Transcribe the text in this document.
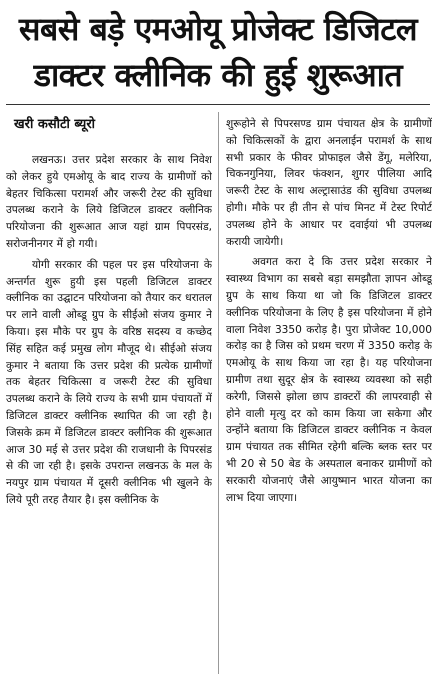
सबसे बड़े एमओयू प्रोजेक्ट डिजिटल
डाक्टर क्लीनिक की हुई शुरूआत
खरी कसौटी ब्यूरो

लखनऊ। उत्तर प्रदेश सरकार के साथ निवेश को लेकर हुये एमओयू के बाद राज्य के ग्रामीणों को बेहतर चिकित्सा परामर्श और जरूरी टेस्ट की सुविधा उपलब्ध कराने के लिये डिजिटल डाक्टर क्लीनिक परियोजना की शुरूआत आज यहां ग्राम पिपरसंड, सरोजनीनगर में हो गयी।

योगी सरकार की पहल पर इस परियोजना के अन्तर्गत शुरू हुयी इस पहली डिजिटल डाक्टर क्लीनिक का उद्घाटन परियोजना को तैयार कर धरातल पर लाने वाली ओब्डू ग्रुप के सीईओ संजय कुमार ने किया। इस मौके पर ग्रुप के वरिष्ठ सदस्य व कच्छेद सिंह सहित कई प्रमुख लोग मौजूद थे। सीईओ संजय कुमार ने बताया कि उत्तर प्रदेश की प्रत्येक ग्रामीणों तक बेहतर चिकित्सा व जरूरी टेस्ट की सुविधा उपलब्ध कराने के लिये राज्य के सभी ग्राम पंचायतों में डिजिटल डाक्टर क्लीनिक स्थापित की जा रही है। जिसके क्रम में डिजिटल डाक्टर क्लीनिक की शुरूआत आज 30 मई से उत्तर प्रदेश की राजधानी के पिपरसंड से की जा रही है। इसके उपरान्त लखनऊ के मल के नयपुर ग्राम पंचायत में दूसरी क्लीनिक भी खुलने के लिये पूरी तरह तैयार है। इस क्लीनिक के

शुरूहोने से पिपरसण्ड ग्राम पंचायत क्षेत्र के ग्रामीणों को चिकित्सकों के द्वारा अनलाईन परामर्श के साथ सभी प्रकार के फीवर प्रोफाइल जैसे डेंगू, मलेरिया, चिकनगुनिया, लिवर फंक्शन, शुगर पीलिया आदि जरूरी टेस्ट के साथ अल्ट्रासाउंड की सुविधा उपलब्ध होगी। मौके पर ही तीन से पांच मिनट में टेस्ट रिपोर्ट उपलब्ध होने के आधार पर दवाईयां भी उपलब्ध करायी जायेगी।

अवगत करा दे कि उत्तर प्रदेश सरकार ने स्वास्थ्य विभाग का सबसे बड़ा समझौता ज्ञापन ओब्डू ग्रुप के साथ किया था जो कि डिजिटल डाक्टर क्लीनिक परियोजना के लिए है इस परियोजना में होने वाला निवेश 3350 करोड़ है। पुरा प्रोजेक्ट 10,000 करोड़ का है जिस को प्रथम चरण में 3350 करोड़ के एमओयू के साथ किया जा रहा है। यह परियोजना ग्रामीण तथा सुदूर क्षेत्र के स्वास्थ्य व्यवस्था को सही करेगी, जिससे झोला छाप डाक्टरों की लापरवाही से होने वाली मृत्यु दर को काम किया जा सकेगा और उन्होंने बताया कि डिजिटल डाक्टर क्लीनिक न केवल ग्राम पंचायत तक सीमित रहेगी बल्कि ब्लक स्तर पर भी 20 से 50 बेड के अस्पताल बनाकर ग्रामीणों को सरकारी योजनाएं जैसे आयुष्मान भारत योजना का लाभ दिया जाएगा।
